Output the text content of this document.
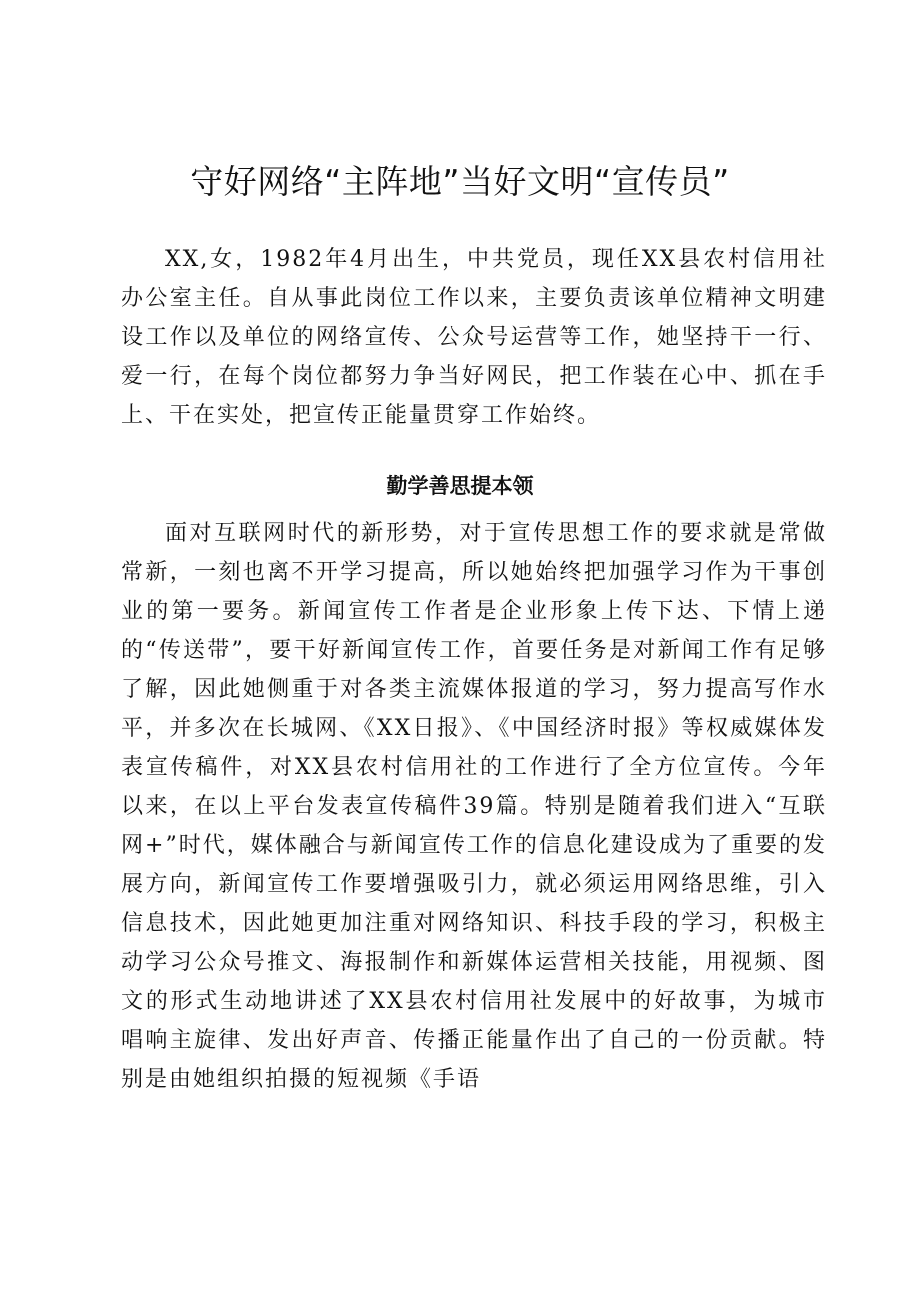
守好网络“主阵地”当好文明“宣传员”

XX,女，1982年4月出生，中共党员，现任XX县农村信用社办公室主任。自从事此岗位工作以来，主要负责该单位精神文明建设工作以及单位的网络宣传、公众号运营等工作，她坚持干一行、爱一行，在每个岗位都努力争当好网民，把工作装在心中、抓在手上、干在实处，把宣传正能量贯穿工作始终。

勤学善思提本领

面对互联网时代的新形势，对于宣传思想工作的要求就是常做常新，一刻也离不开学习提高，所以她始终把加强学习作为干事创业的第一要务。新闻宣传工作者是企业形象上传下达、下情上递的“传送带”，要干好新闻宣传工作，首要任务是对新闻工作有足够了解，因此她侧重于对各类主流媒体报道的学习，努力提高写作水平，并多次在长城网、《XX日报》、《中国经济时报》等权威媒体发表宣传稿件，对XX县农村信用社的工作进行了全方位宣传。今年以来，在以上平台发表宣传稿件39篇。特别是随着我们进入“互联网+”时代，媒体融合与新闻宣传工作的信息化建设成为了重要的发展方向，新闻宣传工作要增强吸引力，就必须运用网络思维，引入信息技术，因此她更加注重对网络知识、科技手段的学习，积极主动学习公众号推文、海报制作和新媒体运营相关技能，用视频、图文的形式生动地讲述了XX县农村信用社发展中的好故事，为城市唱响主旋律、发出好声音、传播正能量作出了自己的一份贡献。特别是由她组织拍摄的短视频《手语
